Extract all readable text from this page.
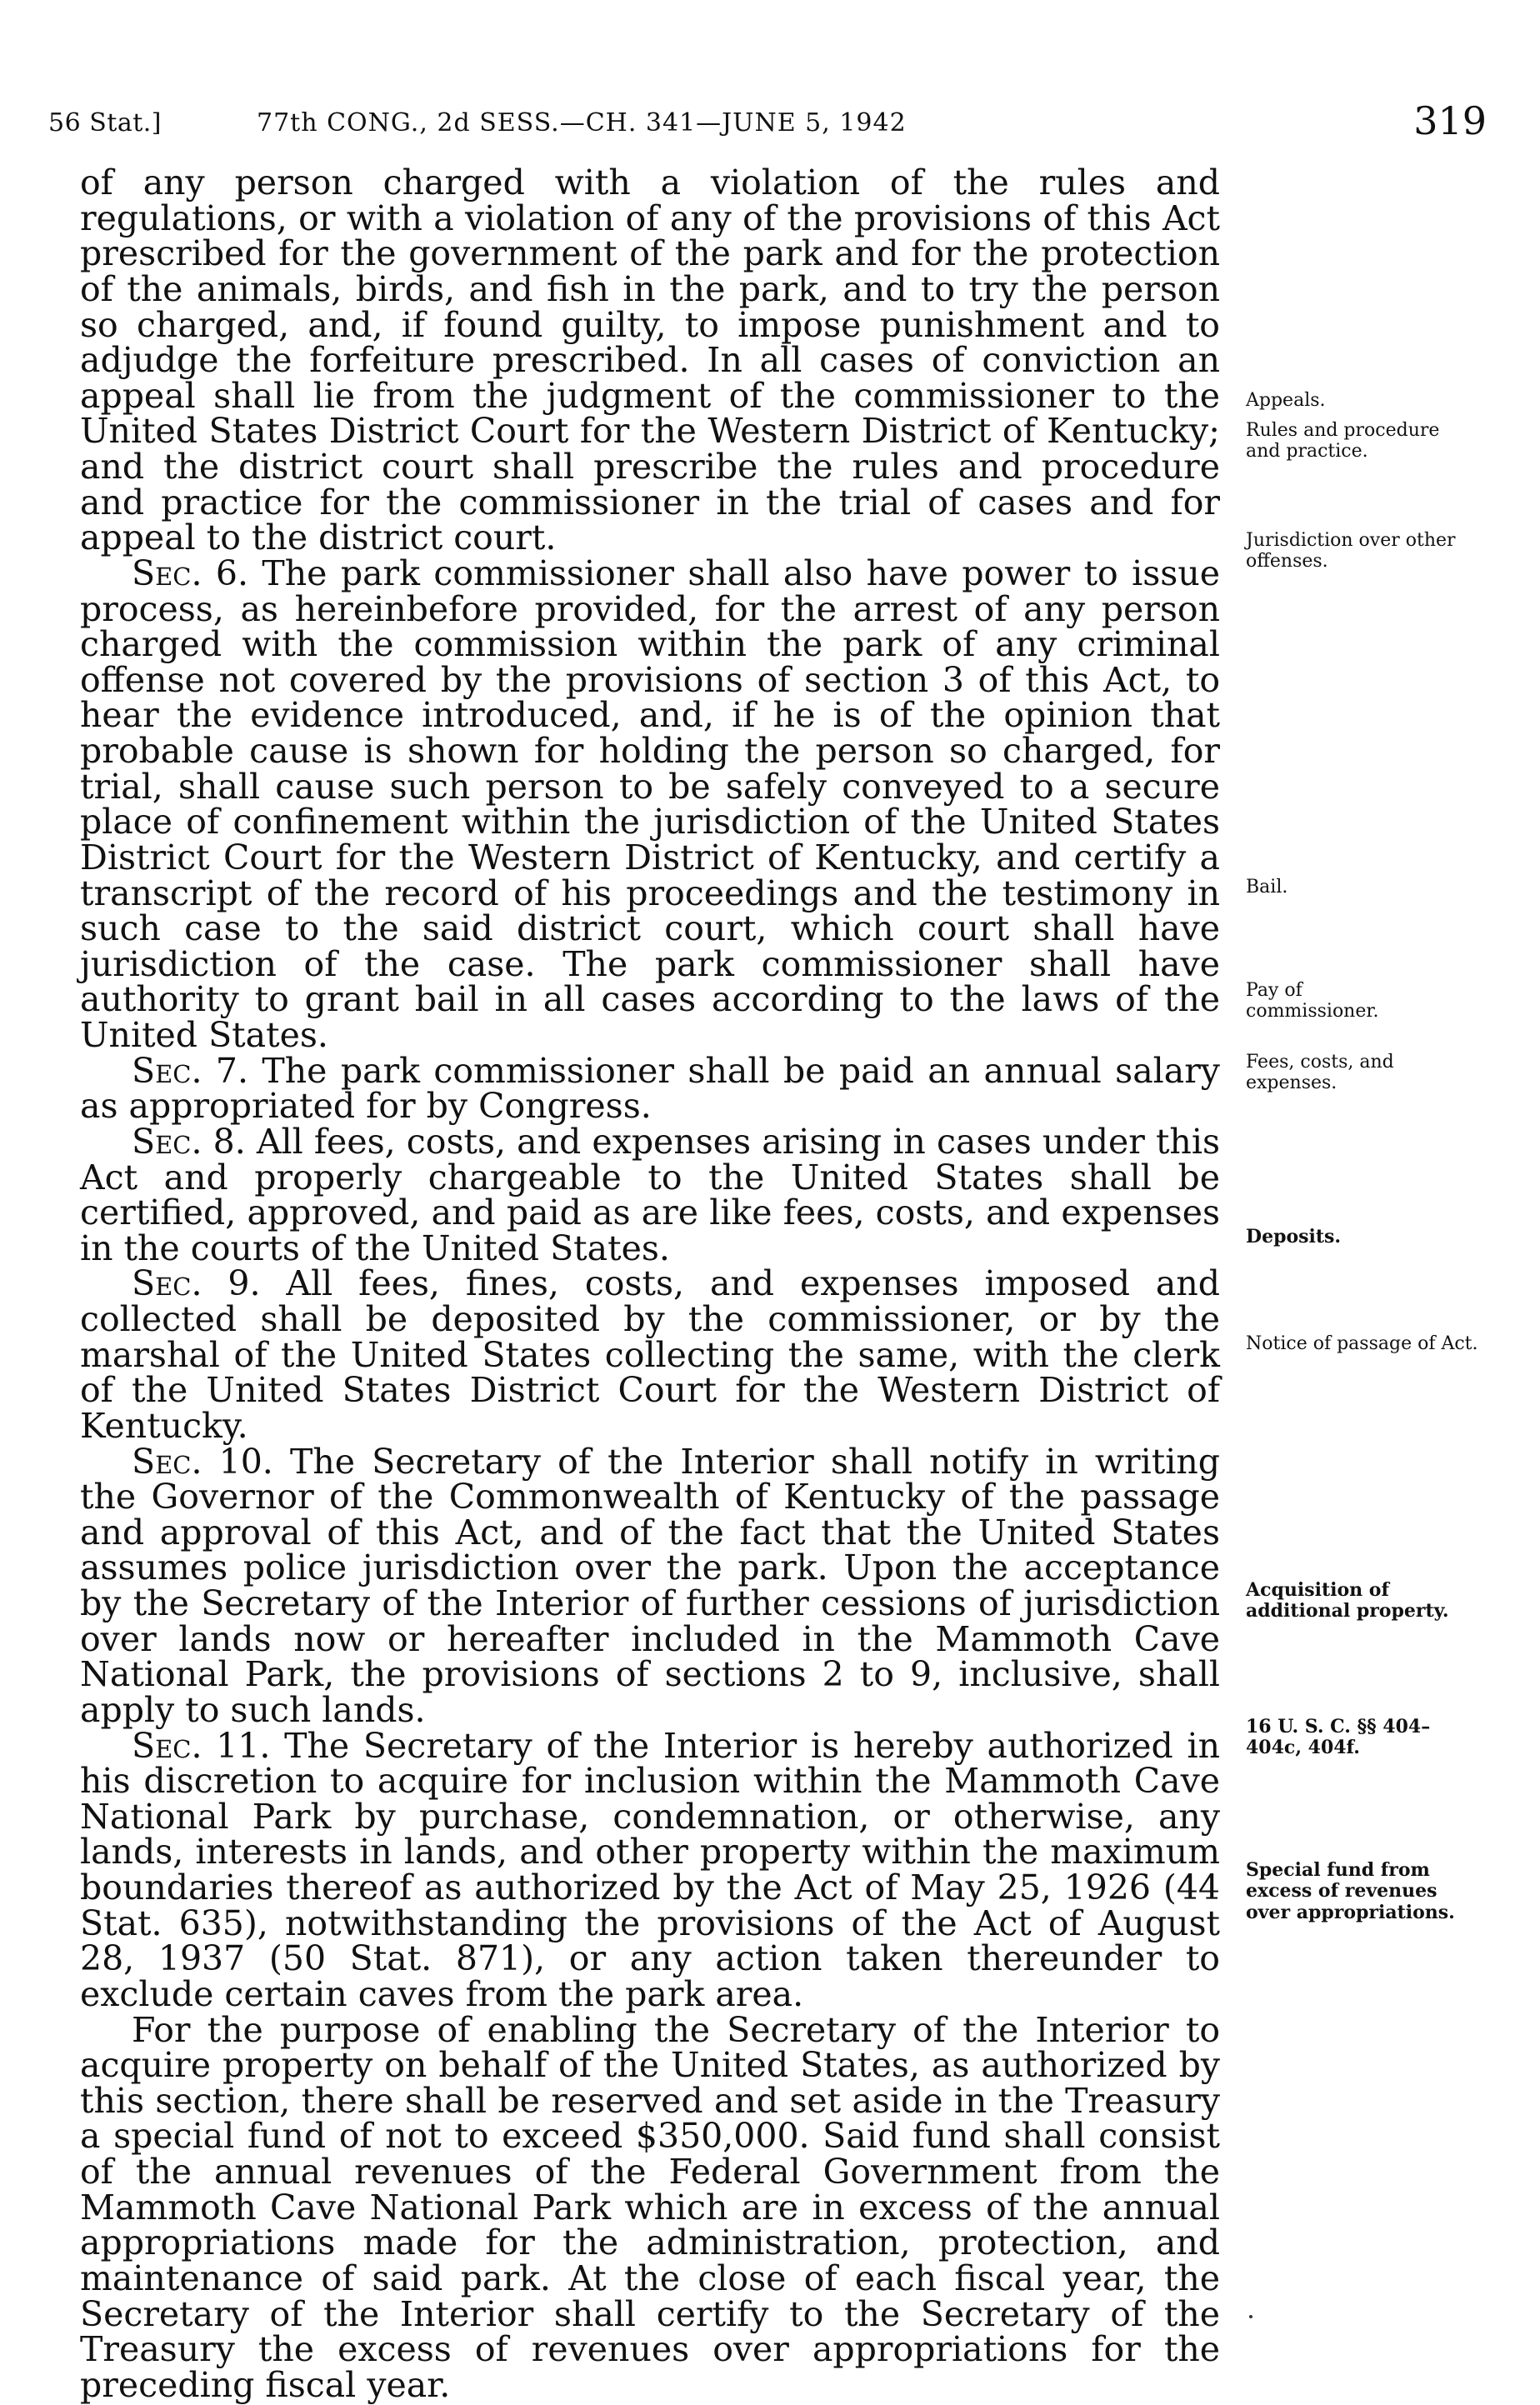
56 Stat.]	77th CONG., 2d SESS.—CH. 341—JUNE 5, 1942	319

of any person charged with a violation of the rules and regulations, or with a violation of any of the provisions of this Act prescribed for the government of the park and for the protection of the animals, birds, and fish in the park, and to try the person so charged, and, if found guilty, to impose punishment and to adjudge the forfeiture prescribed. In all cases of conviction an appeal shall lie from the judgment of the commissioner to the United States District Court for the Western District of Kentucky; and the district court shall prescribe the rules and procedure and practice for the commissioner in the trial of cases and for appeal to the district court.

Sec. 6. The park commissioner shall also have power to issue process, as hereinbefore provided, for the arrest of any person charged with the commission within the park of any criminal offense not covered by the provisions of section 3 of this Act, to hear the evidence introduced, and, if he is of the opinion that probable cause is shown for holding the person so charged, for trial, shall cause such person to be safely conveyed to a secure place of confinement within the jurisdiction of the United States District Court for the Western District of Kentucky, and certify a transcript of the record of his proceedings and the testimony in such case to the said district court, which court shall have jurisdiction of the case. The park commissioner shall have authority to grant bail in all cases according to the laws of the United States.

Sec. 7. The park commissioner shall be paid an annual salary as appropriated for by Congress.

Sec. 8. All fees, costs, and expenses arising in cases under this Act and properly chargeable to the United States shall be certified, approved, and paid as are like fees, costs, and expenses in the courts of the United States.

Sec. 9. All fees, fines, costs, and expenses imposed and collected shall be deposited by the commissioner, or by the marshal of the United States collecting the same, with the clerk of the United States District Court for the Western District of Kentucky.

Sec. 10. The Secretary of the Interior shall notify in writing the Governor of the Commonwealth of Kentucky of the passage and approval of this Act, and of the fact that the United States assumes police jurisdiction over the park. Upon the acceptance by the Secretary of the Interior of further cessions of jurisdiction over lands now or hereafter included in the Mammoth Cave National Park, the provisions of sections 2 to 9, inclusive, shall apply to such lands.

Sec. 11. The Secretary of the Interior is hereby authorized in his discretion to acquire for inclusion within the Mammoth Cave National Park by purchase, condemnation, or otherwise, any lands, interests in lands, and other property within the maximum boundaries thereof as authorized by the Act of May 25, 1926 (44 Stat. 635), notwithstanding the provisions of the Act of August 28, 1937 (50 Stat. 871), or any action taken thereunder to exclude certain caves from the park area.

For the purpose of enabling the Secretary of the Interior to acquire property on behalf of the United States, as authorized by this section, there shall be reserved and set aside in the Treasury a special fund of not to exceed $350,000. Said fund shall consist of the annual revenues of the Federal Government from the Mammoth Cave National Park which are in excess of the annual appropriations made for the administration, protection, and maintenance of said park. At the close of each fiscal year, the Secretary of the Interior shall certify to the Secretary of the Treasury the excess of revenues over appropriations for the preceding fiscal year.

Appeals.
Rules and procedure and practice.
Jurisdiction over other offenses.
Bail.
Pay of commissioner.
Fees, costs, and expenses.
Deposits.
Notice of passage of Act.
Acquisition of additional property.
16 U. S. C. §§ 404–404c, 404f.
Special fund from excess of revenues over appropriations.
